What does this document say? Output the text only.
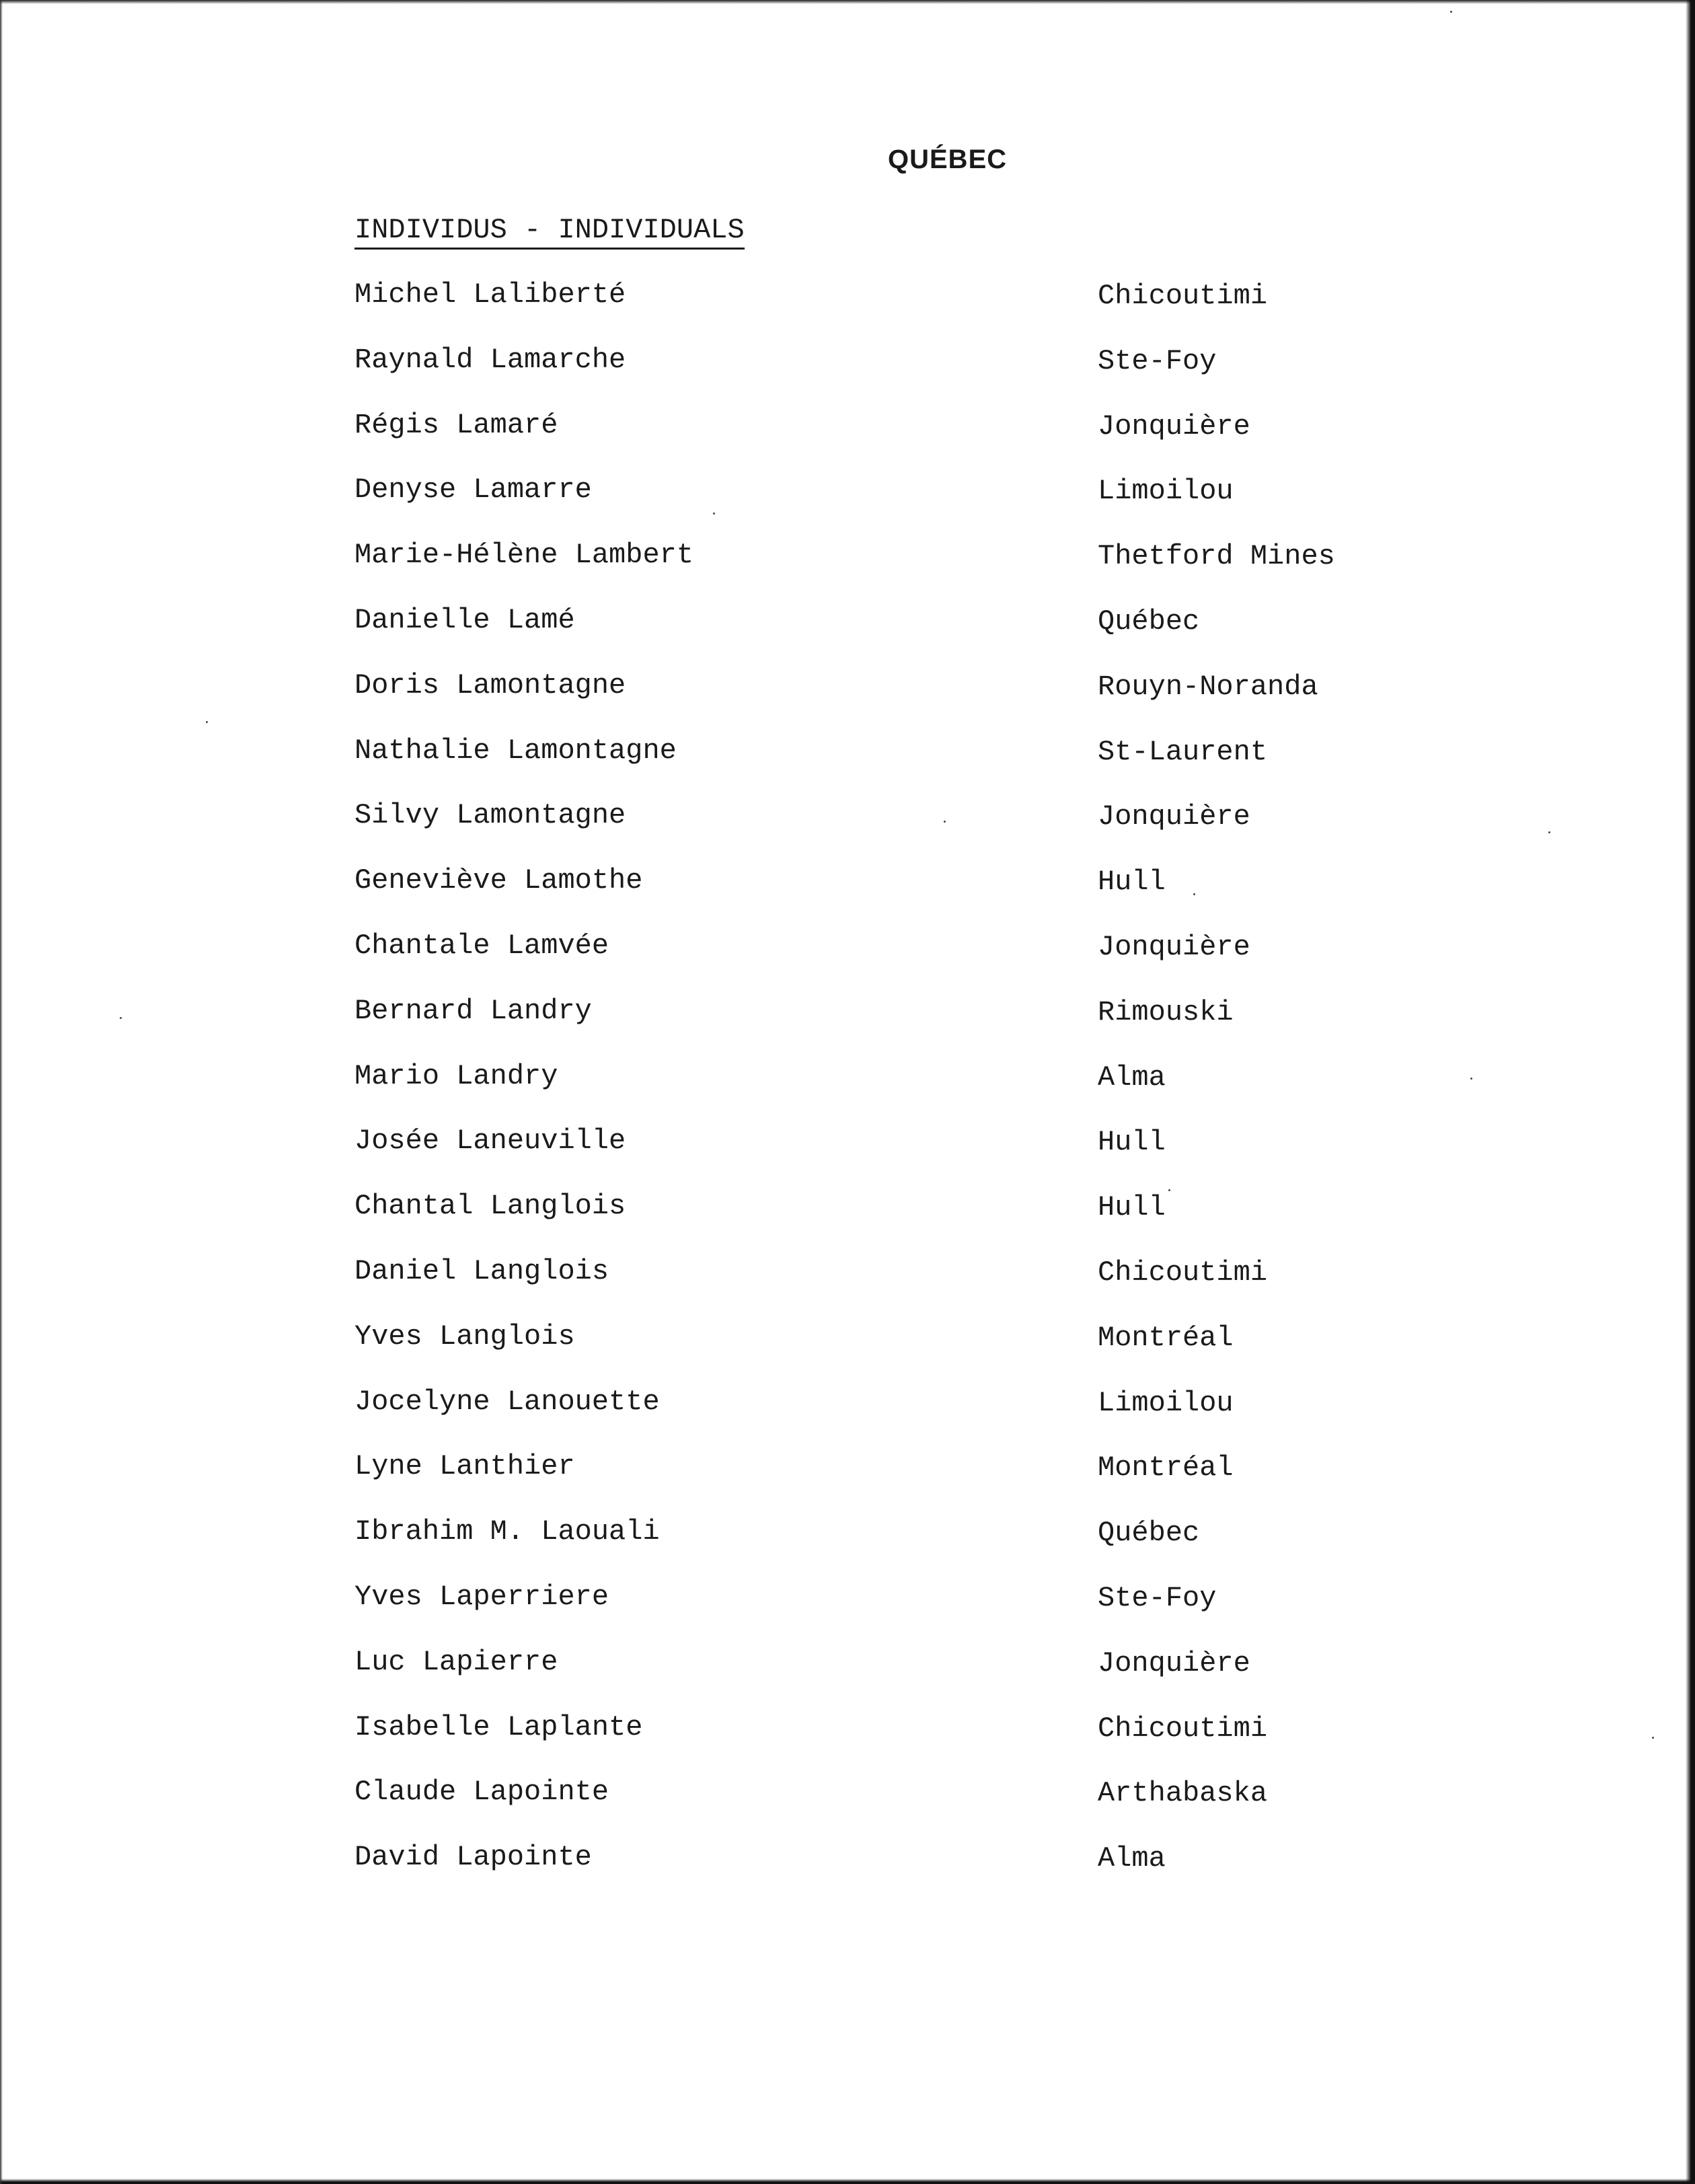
QUÉBEC
INDIVIDUS - INDIVIDUALS
Michel Laliberté	Chicoutimi
Raynald Lamarche	Ste-Foy
Régis Lamaré	Jonquière
Denyse Lamarre	Limoilou
Marie-Hélène Lambert	Thetford Mines
Danielle Lamé	Québec
Doris Lamontagne	Rouyn-Noranda
Nathalie Lamontagne	St-Laurent
Silvy Lamontagne	Jonquière
Geneviève Lamothe	Hull
Chantale Lamvée	Jonquière
Bernard Landry	Rimouski
Mario Landry	Alma
Josée Laneuville	Hull
Chantal Langlois	Hull
Daniel Langlois	Chicoutimi
Yves Langlois	Montréal
Jocelyne Lanouette	Limoilou
Lyne Lanthier	Montréal
Ibrahim M. Laouali	Québec
Yves Laperriere	Ste-Foy
Luc Lapierre	Jonquière
Isabelle Laplante	Chicoutimi
Claude Lapointe	Arthabaska
David Lapointe	Alma
